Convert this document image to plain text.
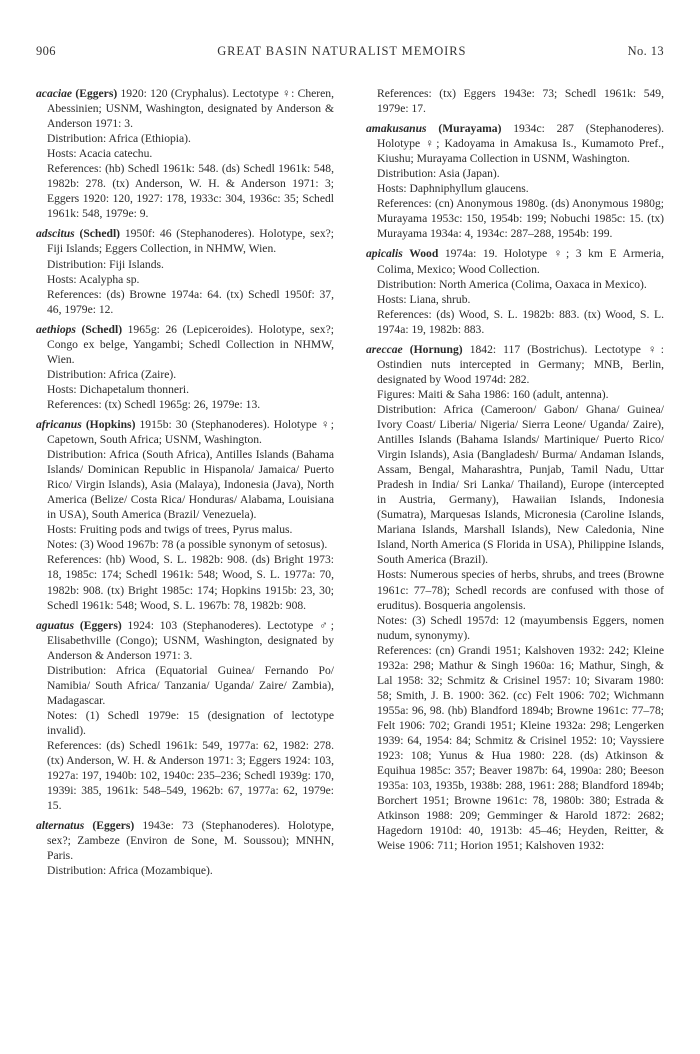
906	GREAT BASIN NATURALIST MEMOIRS	No. 13

acaciae (Eggers) 1920: 120 (Cryphalus). Lectotype ♀: Cheren, Abessinien; USNM, Washington, designated by Anderson & Anderson 1971: 3.

Distribution: Africa (Ethiopia).

Hosts: Acacia catechu.

References: (hb) Schedl 1961k: 548. (ds) Schedl 1961k: 548, 1982b: 278. (tx) Anderson, W. H. & Anderson 1971: 3; Eggers 1920: 120, 1927: 178, 1933c: 304, 1936c: 35; Schedl 1961k: 548, 1979e: 9.

adscitus (Schedl) 1950f: 46 (Stephanoderes). Holotype, sex?; Fiji Islands; Eggers Collection, in NHMW, Wien.

Distribution: Fiji Islands.

Hosts: Acalypha sp.

References: (ds) Browne 1974a: 64. (tx) Schedl 1950f: 37, 46, 1979e: 12.

aethiops (Schedl) 1965g: 26 (Lepiceroides). Holotype, sex?; Congo ex belge, Yangambi; Schedl Collection in NHMW, Wien.

Distribution: Africa (Zaire).

Hosts: Dichapetalum thonneri.

References: (tx) Schedl 1965g: 26, 1979e: 13.

africanus (Hopkins) 1915b: 30 (Stephanoderes). Holotype ♀; Capetown, South Africa; USNM, Washington.

Distribution: Africa (South Africa), Antilles Islands (Bahama Islands/ Dominican Republic in Hispanola/ Jamaica/ Puerto Rico/ Virgin Islands), Asia (Malaya), Indonesia (Java), North America (Belize/ Costa Rica/ Honduras/ Alabama, Louisiana in USA), South America (Brazil/ Venezuela).

Hosts: Fruiting pods and twigs of trees, Pyrus malus.

Notes: (3) Wood 1967b: 78 (a possible synonym of setosus).

References: (hb) Wood, S. L. 1982b: 908. (ds) Bright 1973: 18, 1985c: 174; Schedl 1961k: 548; Wood, S. L. 1977a: 70, 1982b: 908. (tx) Bright 1985c: 174; Hopkins 1915b: 23, 30; Schedl 1961k: 548; Wood, S. L. 1967b: 78, 1982b: 908.

aguatus (Eggers) 1924: 103 (Stephanoderes). Lectotype ♂; Elisabethville (Congo); USNM, Washington, designated by Anderson & Anderson 1971: 3.

Distribution: Africa (Equatorial Guinea/ Fernando Po/ Namibia/ South Africa/ Tanzania/ Uganda/ Zaire/ Zambia), Madagascar.

Notes: (1) Schedl 1979e: 15 (designation of lectotype invalid).

References: (ds) Schedl 1961k: 549, 1977a: 62, 1982: 278. (tx) Anderson, W. H. & Anderson 1971: 3; Eggers 1924: 103, 1927a: 197, 1940b: 102, 1940c: 235–236; Schedl 1939g: 170, 1939i: 385, 1961k: 548–549, 1962b: 67, 1977a: 62, 1979e: 15.

alternatus (Eggers) 1943e: 73 (Stephanoderes). Holotype, sex?; Zambeze (Environ de Sone, M. Soussou); MNHN, Paris.

Distribution: Africa (Mozambique).

References: (tx) Eggers 1943e: 73; Schedl 1961k: 549, 1979e: 17.

amakusanus (Murayama) 1934c: 287 (Stephanoderes). Holotype ♀; Kadoyama in Amakusa Is., Kumamoto Pref., Kiushu; Murayama Collection in USNM, Washington.

Distribution: Asia (Japan).

Hosts: Daphniphyllum glaucens.

References: (cn) Anonymous 1980g. (ds) Anonymous 1980g; Murayama 1953c: 150, 1954b: 199; Nobuchi 1985c: 15. (tx) Murayama 1934a: 4, 1934c: 287–288, 1954b: 199.

apicalis Wood 1974a: 19. Holotype ♀; 3 km E Armeria, Colima, Mexico; Wood Collection.

Distribution: North America (Colima, Oaxaca in Mexico).

Hosts: Liana, shrub.

References: (ds) Wood, S. L. 1982b: 883. (tx) Wood, S. L. 1974a: 19, 1982b: 883.

areccae (Hornung) 1842: 117 (Bostrichus). Lectotype ♀: Ostindien nuts intercepted in Germany; MNB, Berlin, designated by Wood 1974d: 282.

Figures: Maiti & Saha 1986: 160 (adult, antenna).

Distribution: Africa (Cameroon/ Gabon/ Ghana/ Guinea/ Ivory Coast/ Liberia/ Nigeria/ Sierra Leone/ Uganda/ Zaire), Antilles Islands (Bahama Islands/ Martinique/ Puerto Rico/ Virgin Islands), Asia (Bangladesh/ Burma/ Andaman Islands, Assam, Bengal, Maharashtra, Punjab, Tamil Nadu, Uttar Pradesh in India/ Sri Lanka/ Thailand), Europe (intercepted in Austria, Germany), Hawaiian Islands, Indonesia (Sumatra), Marquesas Islands, Micronesia (Caroline Islands, Mariana Islands, Marshall Islands), New Caledonia, Nine Island, North America (S Florida in USA), Philippine Islands, South America (Brazil).

Hosts: Numerous species of herbs, shrubs, and trees (Browne 1961c: 77–78); Schedl records are confused with those of eruditus). Bosqueria angolensis.

Notes: (3) Schedl 1957d: 12 (mayumbensis Eggers, nomen nudum, synonymy).

References: (cn) Grandi 1951; Kalshoven 1932: 242; Kleine 1932a: 298; Mathur & Singh 1960a: 16; Mathur, Singh, & Lal 1958: 32; Schmitz & Crisinel 1957: 10; Sivaram 1980: 58; Smith, J. B. 1900: 362. (cc) Felt 1906: 702; Wichmann 1955a: 96, 98. (hb) Blandford 1894b; Browne 1961c: 77–78; Felt 1906: 702; Grandi 1951; Kleine 1932a: 298; Lengerken 1939: 64, 1954: 84; Schmitz & Crisinel 1952: 10; Vayssiere 1923: 108; Yunus & Hua 1980: 228. (ds) Atkinson & Equihua 1985c: 357; Beaver 1987b: 64, 1990a: 280; Beeson 1935a: 103, 1935b, 1938b: 288, 1961: 288; Blandford 1894b; Borchert 1951; Browne 1961c: 78, 1980b: 380; Estrada & Atkinson 1988: 209; Gemminger & Harold 1872: 2682; Hagedorn 1910d: 40, 1913b: 45–46; Heyden, Reitter, & Weise 1906: 711; Horion 1951; Kalshoven 1932:
